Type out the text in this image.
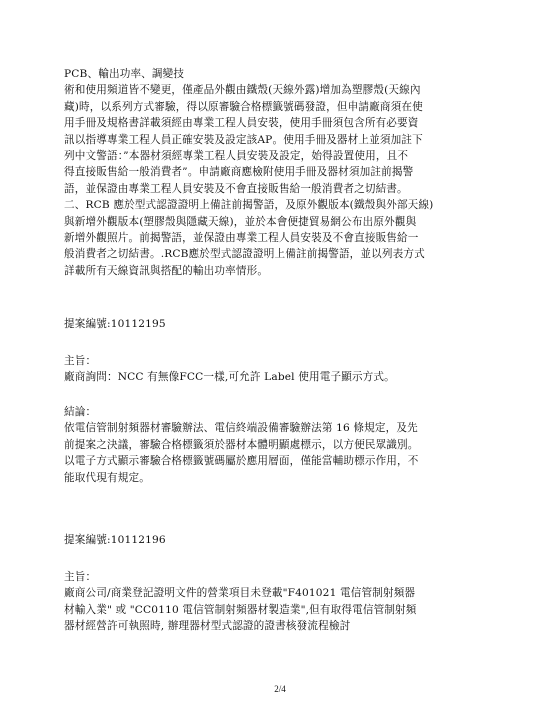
PCB、輸出功率、調變技
術和使用頻道皆不變更，僅產品外觀由鐵殼(天線外露)增加為塑膠殼(天線內
藏)時，以系列方式審驗，得以原審驗合格標籤號碼發證，但申請廠商須在使
用手冊及規格書詳載須經由專業工程人員安裝，使用手冊須包含所有必要資
訊以指導專業工程人員正確安裝及設定該AP。使用手冊及器材上並須加註下
列中文警語：”本器材須經專業工程人員安裝及設定，始得設置使用，且不
得直接販售給一般消費者”。申請廠商應檢附使用手冊及器材須加註前揭警
語，並保證由專業工程人員安裝及不會直接販售給一般消費者之切結書。
二、RCB 應於型式認證證明上備註前揭警語，及原外觀版本(鐵殼與外部天線)
與新增外觀版本(塑膠殼與隱藏天線)，並於本會便捷貿易網公布出原外觀與
新增外觀照片。前揭警語，並保證由專業工程人員安裝及不會直接販售給一
般消費者之切結書。.RCB應於型式認證證明上備註前揭警語，並以列表方式
詳載所有天線資訊與搭配的輸出功率情形。
提案編號:10112195
主旨：
廠商詢問：NCC 有無像FCC一樣,可允許 Label 使用電子顯示方式。
結論：
依電信管制射頻器材審驗辦法、電信終端設備審驗辦法第 16 條規定，及先
前提案之決議，審驗合格標籤須於器材本體明顯處標示，以方便民眾識別。
以電子方式顯示審驗合格標籤號碼屬於應用層面，僅能當輔助標示作用，不
能取代現有規定。
提案編號:10112196
主旨：
廠商公司/商業登記證明文件的營業項目未登載"F401021 電信管制射頻器
材輸入業" 或 "CC0110 電信管制射頻器材製造業",但有取得電信管制射頻
器材經營許可執照時, 辦理器材型式認證的證書核發流程檢討
2/4
